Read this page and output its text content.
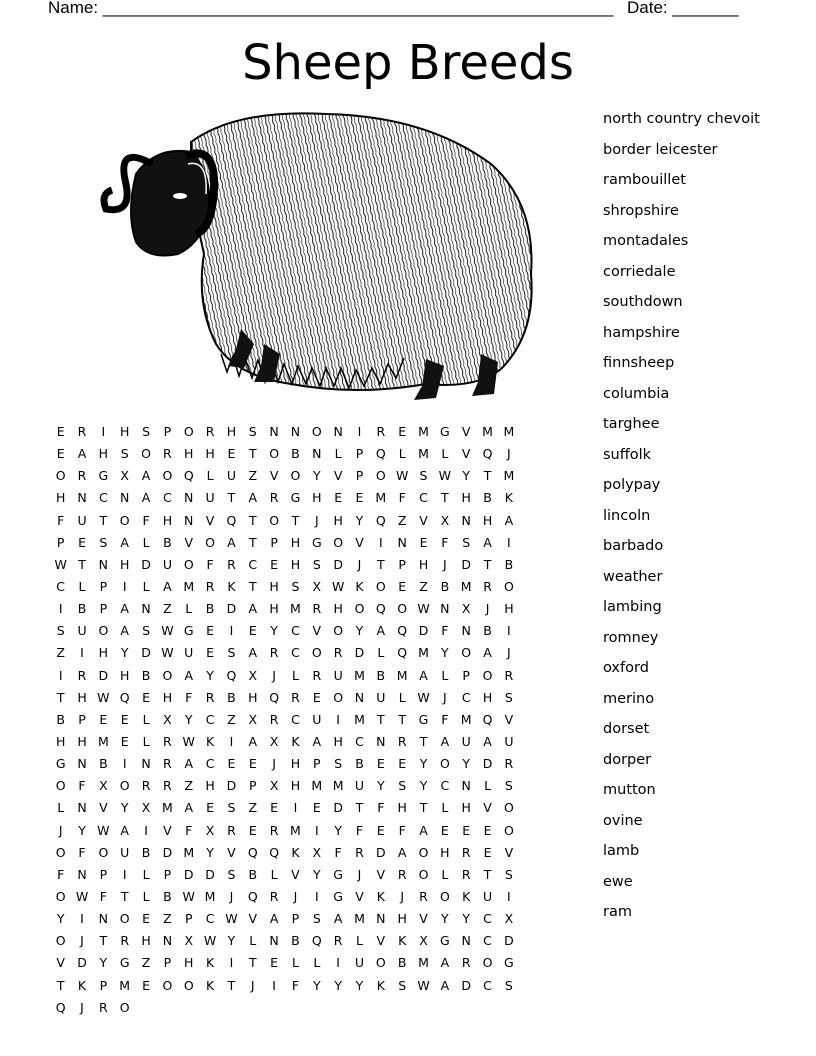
Name: ______________________________________________________ Date: _______
Sheep Breeds
E	R	I	H	S	P	O R H	S	N N O N	I	R	E M G V M M
E	A H	S O R H H	E	T	O B N	L	P	Q	L M L	V Q	J
O R G X	A O Q	L	U Z	V O	Y	V	P	O W S W Y	T M
H N C N A	C N U	T	A	R G H	E	E M F	C	T	H B	K
F	U	T	O	F	H N V Q	T	O	T	J	H	Y	Q Z	V	X N H A
P	E	S	A	L	B	V O A	T	P	H G O V	I	N	E	F	S	A	I
W T	N H D U O	F	R	C	E	H	S	D	J	T	P	H	J	D	T	B
C	L	P	I	L	A M R	K	T	H	S	X W K O E	Z	B M R O
I	B	P	A N Z	L	B D A H M R H O Q O W N X	J	H
S	U O A	S W G	E	I	E	Y	C	V O	Y	A Q D	F	N B	I
Z	I	H	Y	D W U	E	S	A	R	C O R D	L	Q M Y	O A	J
I	R D H B O A	Y	Q X	J	L	R U M B M A	L	P	O R
T	H W Q E	H	F	R	B H Q R	E O N U	L W	J	C H	S
B	P	E	E	L	X	Y	C	Z	X	R	C U	I	M T	T	G	F M Q V
H H M E	L	R W K	I	A	X	K	A H C N R	T	A U A U
G N B	I	N R	A	C	E	E	J	H	P	S	B	E	E	Y	O	Y	D R
O	F	X O R	R	Z H D	P	X H M M U	Y	S	Y	C N	L	S
L	N V	Y	X M A	E	S	Z	E	I	E	D	T	F	H	T	L	H V O
J	Y W A	I	V	F	X	R	E	R M	I	Y	F	E	F	A	E	E	E O
O	F	O U B D M Y	V Q Q K	X	F	R D A O H R	E	V
F	N	P	I	L	P	D D	S	B	L	V	Y	G	J	V	R O	L	R	T	S
O W F	T	L	B W M	J	Q R	J	I	G V	K	J	R O K	U	I
Y	I	N O E	Z	P	C W V	A	P	S	A M N H V	Y	Y	C	X
O	J	T	R H N X W Y	L	N B Q R	L	V	K	X G N C D
V D	Y	G Z	P	H	K	I	T	E	L	L	I	U O B M A	R O G
T	K	P M E O O K	T	J	I	F	Y	Y	Y	K	S W A D C	S
Q	J	R O
north country chevoit
border leicester
rambouillet
shropshire
montadales
corriedale
southdown
hampshire
finnsheep
columbia
targhee
suffolk
polypay
lincoln
barbado
weather
lambing
romney
oxford
merino
dorset
dorper
mutton
ovine
lamb
ewe
ram
